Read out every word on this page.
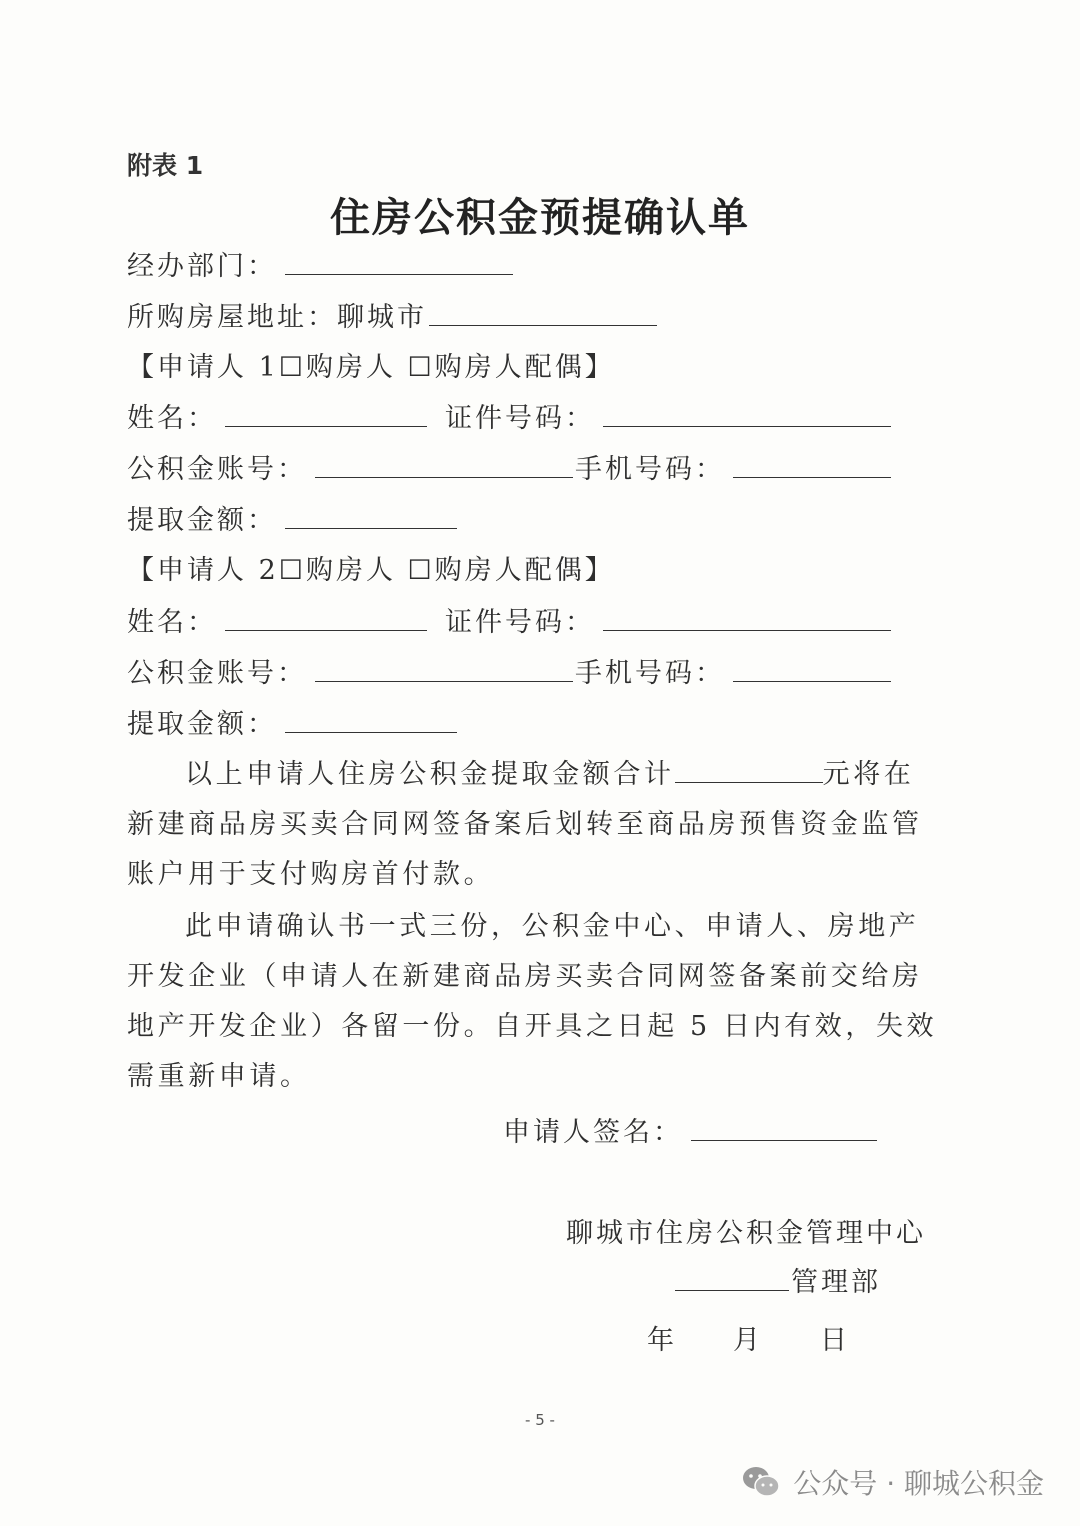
附表 1
住房公积金预提确认单
经办部门：
所购房屋地址：聊城市
【申请人 1☐购房人 ☐购房人配偶】
姓名：	证件号码：
公积金账号：	手机号码：
提取金额：
【申请人 2☐购房人 ☐购房人配偶】
姓名：	证件号码：
公积金账号：	手机号码：
提取金额：

以上申请人住房公积金提取金额合计	元将在新建商品房买卖合同网签备案后划转至商品房预售资金监管账户用于支付购房首付款。

此申请确认书一式三份，公积金中心、申请人、房地产开发企业（申请人在新建商品房买卖合同网签备案前交给房地产开发企业）各留一份。自开具之日起 5 日内有效，失效需重新申请。

申请人签名：
聊城市住房公积金管理中心
管理部
年 月 日
- 5 -
公众号 · 聊城公积金
